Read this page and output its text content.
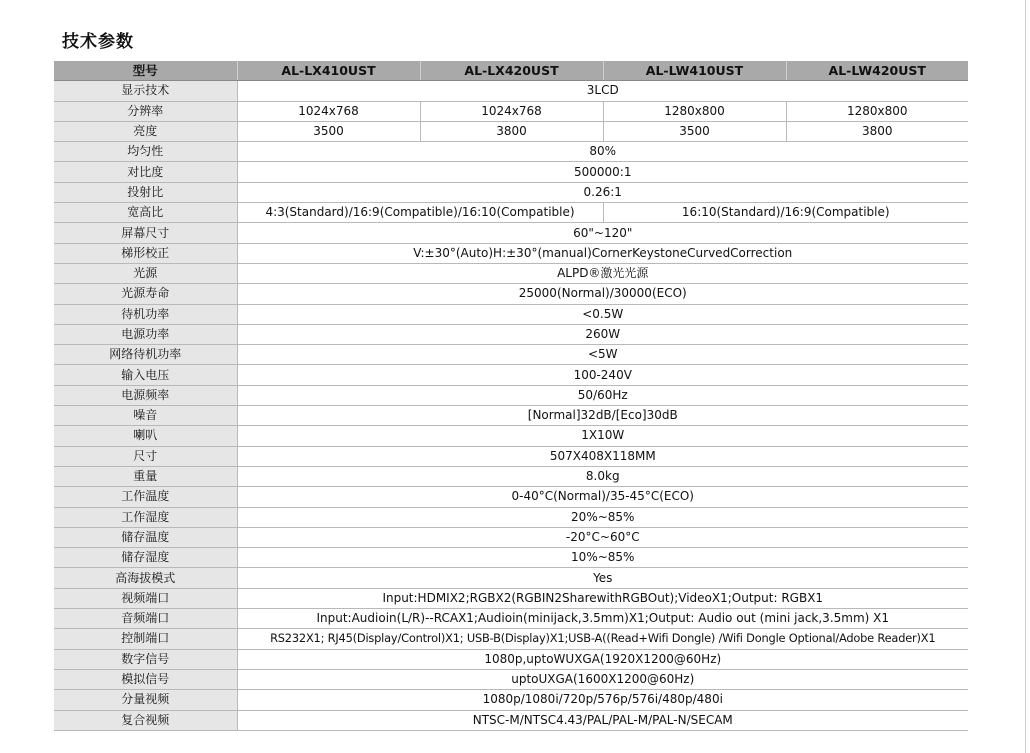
技术参数
型号	AL-LX410UST	AL-LX420UST	AL-LW410UST	AL-LW420UST
显示技术	3LCD			
分辨率	1024x768	1024x768	1280x800	1280x800
亮度	3500	3800	3500	3800
均匀性	80%			
对比度	500000:1			
投射比	0.26:1			
宽高比	4:3(Standard)/16:9(Compatible)/16:10(Compatible)		16:10(Standard)/16:9(Compatible)	
屏幕尺寸	60"~120"			
梯形校正	V:±30°(Auto)H:±30°(manual)CornerKeystoneCurvedCorrection			
光源	ALPD®激光光源			
光源寿命	25000(Normal)/30000(ECO)			
待机功率	<0.5W			
电源功率	260W			
网络待机功率	<5W			
输入电压	100-240V			
电源频率	50/60Hz			
噪音	[Normal]32dB/[Eco]30dB			
喇叭	1X10W			
尺寸	507X408X118MM			
重量	8.0kg			
工作温度	0-40°C(Normal)/35-45°C(ECO)			
工作湿度	20%~85%			
储存温度	-20°C~60°C			
储存湿度	10%~85%			
高海拔模式	Yes			
视频端口	Input:HDMIX2;RGBX2(RGBIN2SharewithRGBOut);VideoX1;Output: RGBX1			
音频端口	Input:Audioin(L/R)--RCAX1;Audioin(minijack,3.5mm)X1;Output: Audio out (mini jack,3.5mm) X1			
控制端口	RS232X1; RJ45(Display/Control)X1; USB-B(Display)X1;USB-A((Read+Wifi Dongle) /Wifi Dongle Optional/Adobe Reader)X1			
数字信号	1080p,uptoWUXGA(1920X1200@60Hz)			
模拟信号	uptoUXGA(1600X1200@60Hz)			
分量视频	1080p/1080i/720p/576p/576i/480p/480i			
复合视频	NTSC-M/NTSC4.43/PAL/PAL-M/PAL-N/SECAM			
